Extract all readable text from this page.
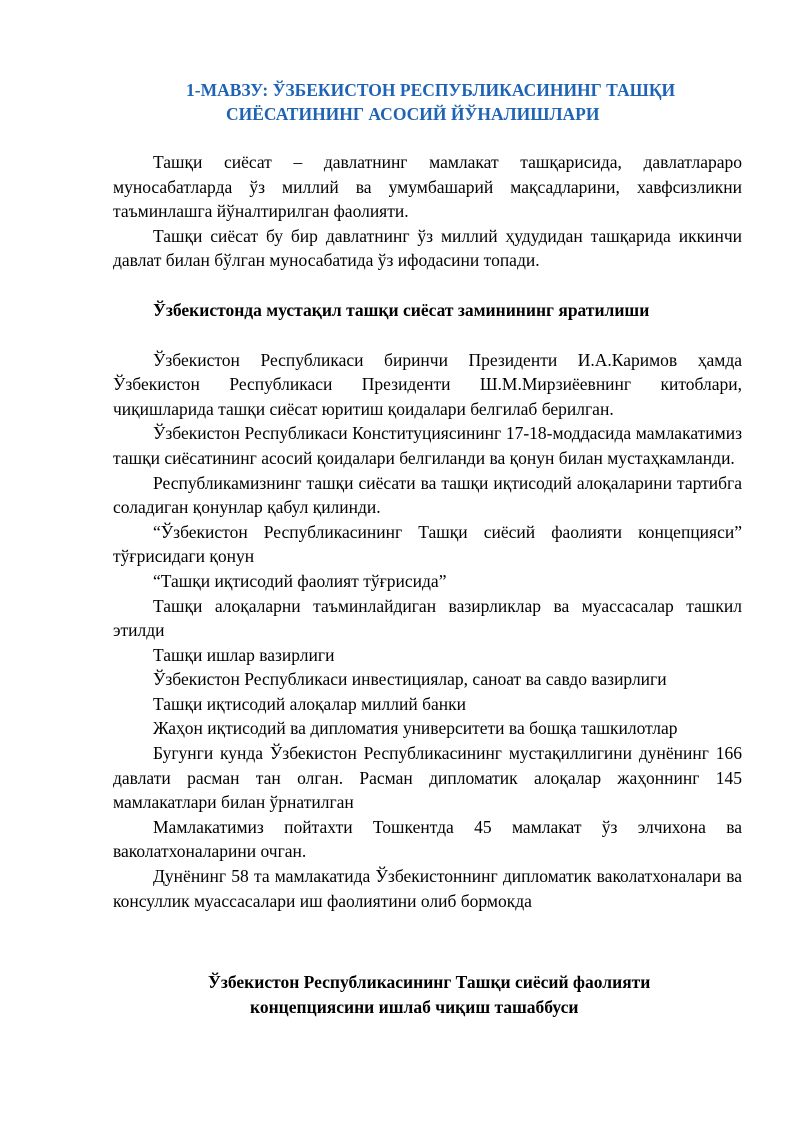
1-МАВЗУ: ЎЗБЕКИСТОН РЕСПУБЛИКАСИНИНГ ТАШҚИ
СИЁСАТИНИНГ АСОСИЙ ЙЎНАЛИШЛАРИ

Ташқи сиёсат – давлатнинг мамлакат ташқарисида, давлатлараро муносабатларда ўз миллий ва умумбашарий мақсадларини, хавфсизликни таъминлашга йўналтирилган фаолияти.

Ташқи сиёсат бу бир давлатнинг ўз миллий ҳудудидан ташқарида иккинчи давлат билан бўлган муносабатида ўз ифодасини топади.

Ўзбекистонда мустақил ташқи сиёсат заминининг яратилиши

Ўзбекистон Республикаси биринчи Президенти И.А.Каримов ҳамда Ўзбекистон Республикаси Президенти Ш.М.Мирзиёевнинг китоблари, чиқишларида ташқи сиёсат юритиш қоидалари белгилаб берилган.

Ўзбекистон Республикаси Конституциясининг 17-18-моддасида мамлакатимиз ташқи сиёсатининг асосий қоидалари белгиланди ва қонун билан мустаҳкамланди.

Республикамизнинг ташқи сиёсати ва ташқи иқтисодий алоқаларини тартибга соладиган қонунлар қабул қилинди.

“Ўзбекистон Республикасининг Ташқи сиёсий фаолияти концепцияси” тўғрисидаги қонун

“Ташқи иқтисодий фаолият тўғрисида”

Ташқи алоқаларни таъминлайдиган вазирликлар ва муассасалар ташкил этилди

Ташқи ишлар вазирлиги

Ўзбекистон Республикаси инвестициялар, саноат ва савдо вазирлиги

Ташқи иқтисодий алоқалар миллий банки

Жаҳон иқтисодий ва дипломатия университети ва бошқа ташкилотлар

Бугунги кунда Ўзбекистон Республикасининг мустақиллигини дунёнинг 166 давлати расман тан олган. Расман дипломатик алоқалар жаҳоннинг 145 мамлакатлари билан ўрнатилган

Мамлакатимиз пойтахти Тошкентда 45 мамлакат ўз элчихона ва ваколатхоналарини очган.

Дунёнинг 58 та мамлакатида Ўзбекистоннинг дипломатик ваколатхоналари ва консуллик муассасалари иш фаолиятини олиб бормокда

Ўзбекистон Республикасининг Ташқи сиёсий фаолияти
концепциясини ишлаб чиқиш ташаббуси
